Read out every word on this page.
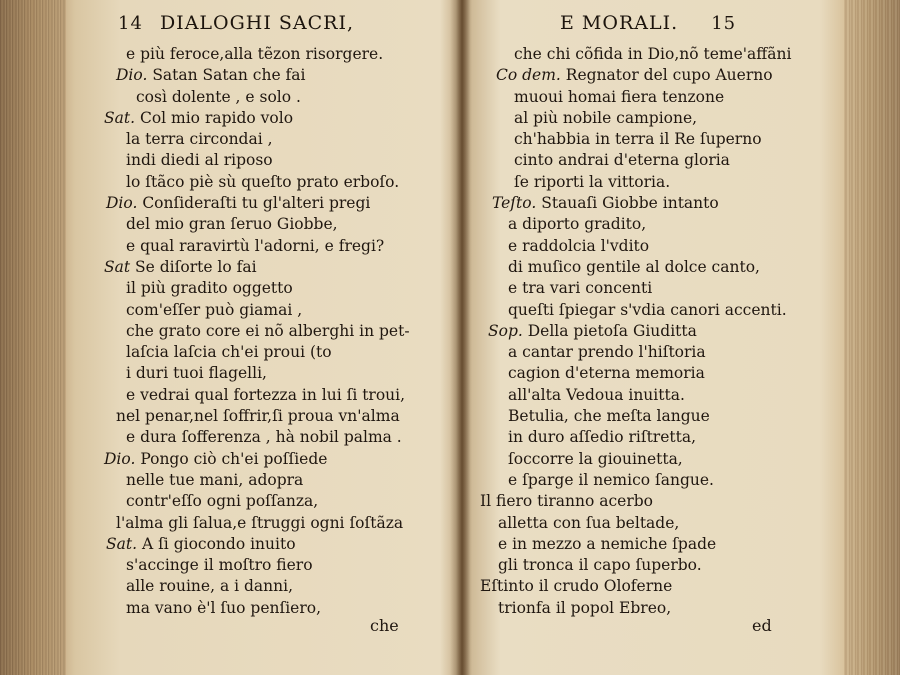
14 DIALOGHI SACRI,
e più feroce,alla tẽzon risorgere.
Dio. Satan Satan che fai
così dolente , e solo .
Sat. Col mio rapido volo
la terra circondai ,
indi diedi al riposo
lo ſtãco piè sù queſto prato erboſo.
Dio. Conſideraſti tu gl'alteri pregi
del mio gran ſeruo Giobbe,
e qual raravirtù l'adorni, e fregi?
Sat Se diſorte lo fai
il più gradito oggetto
com'eſſer può giamai ,
che grato core ei nõ alberghi in pet-
laſcia laſcia ch'ei proui (to
i duri tuoi flagelli,
e vedrai qual fortezza in lui ſi troui,
nel penar,nel ſoffrir,ſi proua vn'alma
e dura ſofferenza , hà nobil palma .
Dio. Pongo ciò ch'ei poſſiede
nelle tue mani, adopra
contr'eſſo ogni poſſanza,
l'alma gli ſalua,e ſtruggi ogni ſoſtãza
Sat. A ſi giocondo inuito
s'accinge il moſtro fiero
alle rouine, a i danni,
ma vano è'l ſuo penſiero,
che
E MORALI. 15
che chi cõfida in Dio,nõ teme'affãni
Co dem. Regnator del cupo Auerno
muoui homai fiera tenzone
al più nobile campione,
ch'habbia in terra il Re ſuperno
cinto andrai d'eterna gloria
ſe riporti la vittoria.
Teſto. Stauaſi Giobbe intanto
a diporto gradito,
e raddolcia l'vdito
di muſico gentile al dolce canto,
e tra vari concenti
queſti ſpiegar s'vdia canori accenti.
Sop. Della pietoſa Giuditta
a cantar prendo l'hiſtoria
cagion d'eterna memoria
all'alta Vedoua inuitta.
Betulia, che meſta langue
in duro aſſedio riſtretta,
ſoccorre la giouinetta,
e ſparge il nemico ſangue.
Il fiero tiranno acerbo
alletta con ſua beltade,
e in mezzo a nemiche ſpade
gli tronca il capo ſuperbo.
Eſtinto il crudo Oloferne
trionfa il popol Ebreo,
ed
